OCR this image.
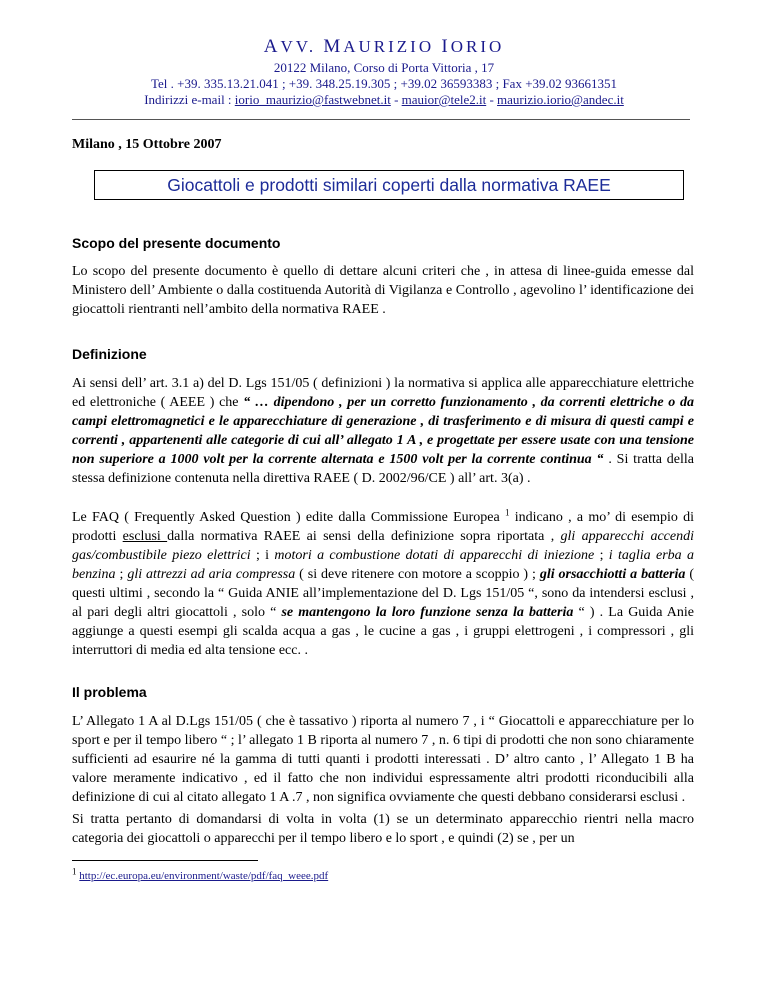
AVV. MAURIZIO IORIO
20122 Milano, Corso di Porta Vittoria , 17
Tel . +39. 335.13.21.041 ; +39. 348.25.19.305 ; +39.02 36593383 ; Fax +39.02 93661351
Indirizzi e-mail : iorio_maurizio@fastwebnet.it - mauior@tele2.it - maurizio.iorio@andec.it
Milano , 15 Ottobre 2007
Giocattoli e prodotti similari coperti dalla normativa RAEE
Scopo del presente documento
Lo scopo del presente documento è quello di dettare alcuni criteri che , in attesa di linee-guida emesse dal Ministero dell’ Ambiente o dalla costituenda Autorità di Vigilanza e Controllo , agevolino l’ identificazione dei giocattoli rientranti nell’ambito della normativa RAEE .
Definizione
Ai sensi dell’ art. 3.1 a) del D. Lgs 151/05 ( definizioni ) la normativa si applica alle apparecchiature elettriche ed elettroniche ( AEEE ) che “ … dipendono , per un corretto funzionamento , da correnti elettriche o da campi elettromagnetici e le apparecchiature di generazione , di trasferimento e di misura di questi campi e correnti , appartenenti alle categorie di cui all’ allegato 1 A , e progettate per essere usate con una tensione non superiore a 1000 volt per la corrente alternata e 1500 volt per la corrente continua “ . Si tratta della stessa definizione contenuta nella direttiva RAEE ( D. 2002/96/CE ) all’ art. 3(a) .
Le FAQ ( Frequently Asked Question ) edite dalla Commissione Europea $^1$ indicano , a mo’ di esempio di prodotti esclusi dalla normativa RAEE ai sensi della definizione sopra riportata , gli apparecchi accendi gas/combustibile piezo elettrici ; i motori a combustione dotati di apparecchi di iniezione ; i taglia erba a benzina ; gli attrezzi ad aria compressa ( si deve ritenere con motore a scoppio ) ; gli orsacchiotti a batteria ( questi ultimi , secondo la “ Guida ANIE all’implementazione del D. Lgs 151/05 “, sono da intendersi esclusi , al pari degli altri giocattoli , solo “ se mantengono la loro funzione senza la batteria “ ) . La Guida Anie aggiunge a questi esempi gli scalda acqua a gas , le cucine a gas , i gruppi elettrogeni , i compressori , gli interruttori di media ed alta tensione ecc. .
Il problema
L’ Allegato 1 A al D.Lgs 151/05 ( che è tassativo ) riporta al numero 7 , i “ Giocattoli e apparecchiature per lo sport e per il tempo libero “ ; l’ allegato 1 B riporta al numero 7 , n. 6 tipi di prodotti che non sono chiaramente sufficienti ad esaurire né la gamma di tutti quanti i prodotti interessati . D’ altro canto , l’ Allegato 1 B ha valore meramente indicativo , ed il fatto che non individui espressamente altri prodotti riconducibili alla definizione di cui al citato allegato 1 A .7 , non significa ovviamente che questi debbano considerarsi esclusi .
Si tratta pertanto di domandarsi di volta in volta (1) se un determinato apparecchio rientri nella macro categoria dei giocattoli o apparecchi per il tempo libero e lo sport , e quindi (2) se , per un
$^1$ http://ec.europa.eu/environment/waste/pdf/faq_weee.pdf
